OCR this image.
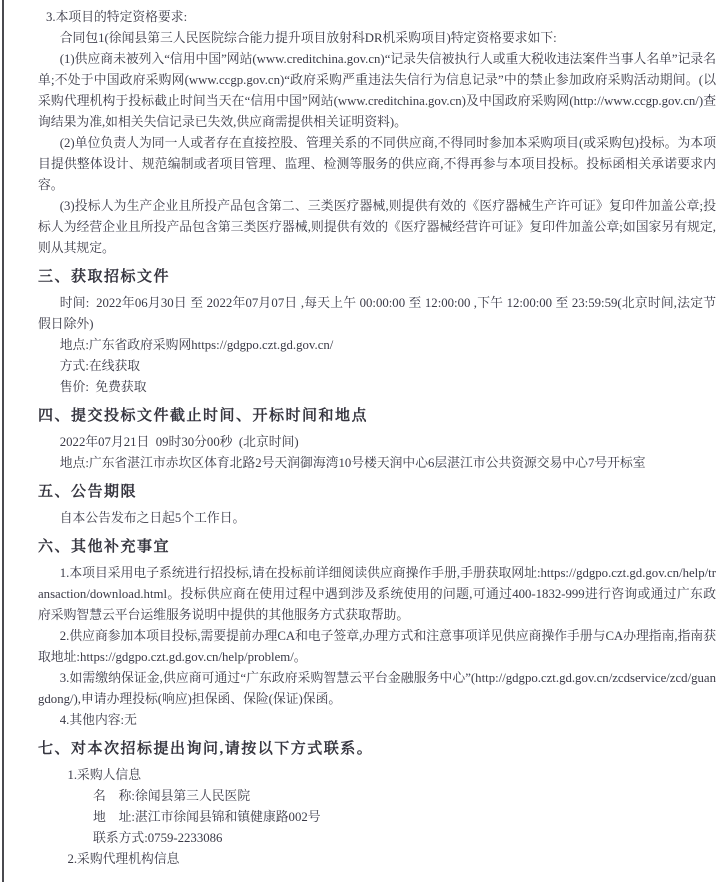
3.本项目的特定资格要求:

合同包1(徐闻县第三人民医院综合能力提升项目放射科DR机采购项目)特定资格要求如下:

(1)供应商未被列入“信用中国”网站(www.creditchina.gov.cn)“记录失信被执行人或重大税收违法案件当事人名单”记录名单;不处于中国政府采购网(www.ccgp.gov.cn)“政府采购严重违法失信行为信息记录”中的禁止参加政府采购活动期间。(以采购代理机构于投标截止时间当天在“信用中国”网站(www.creditchina.gov.cn)及中国政府采购网(http://www.ccgp.gov.cn/)查询结果为准,如相关失信记录已失效,供应商需提供相关证明资料)。

(2)单位负责人为同一人或者存在直接控股、管理关系的不同供应商,不得同时参加本采购项目(或采购包)投标。为本项目提供整体设计、规范编制或者项目管理、监理、检测等服务的供应商,不得再参与本项目投标。投标函相关承诺要求内容。

(3)投标人为生产企业且所投产品包含第二、三类医疗器械,则提供有效的《医疗器械生产许可证》复印件加盖公章;投标人为经营企业且所投产品包含第三类医疗器械,则提供有效的《医疗器械经营许可证》复印件加盖公章;如国家另有规定,则从其规定。

三、获取招标文件

时间:  2022年06月30日 至 2022年07月07日 ,每天上午 00:00:00 至 12:00:00 ,下午 12:00:00 至 23:59:59(北京时间,法定节假日除外)

地点:广东省政府采购网https://gdgpo.czt.gd.gov.cn/

方式:在线获取

售价:  免费获取

四、提交投标文件截止时间、开标时间和地点

2022年07月21日  09时30分00秒  (北京时间)

地点:广东省湛江市赤坎区体育北路2号天润御海湾10号楼天润中心6层湛江市公共资源交易中心7号开标室

五、公告期限

自本公告发布之日起5个工作日。

六、其他补充事宜

1.本项目采用电子系统进行招投标,请在投标前详细阅读供应商操作手册,手册获取网址:https://gdgpo.czt.gd.gov.cn/help/transaction/download.html。投标供应商在使用过程中遇到涉及系统使用的问题,可通过400-1832-999进行咨询或通过广东政府采购智慧云平台运维服务说明中提供的其他服务方式获取帮助。

2.供应商参加本项目投标,需要提前办理CA和电子签章,办理方式和注意事项详见供应商操作手册与CA办理指南,指南获取地址:https://gdgpo.czt.gd.gov.cn/help/problem/。

3.如需缴纳保证金,供应商可通过“广东政府采购智慧云平台金融服务中心”(http://gdgpo.czt.gd.gov.cn/zcdservice/zcd/guangdong/),申请办理投标(响应)担保函、保险(保证)保函。

4.其他内容:无

七、对本次招标提出询问,请按以下方式联系。

1.采购人信息

名　称:徐闻县第三人民医院

地　址:湛江市徐闻县锦和镇健康路002号

联系方式:0759-2233086

2.采购代理机构信息
